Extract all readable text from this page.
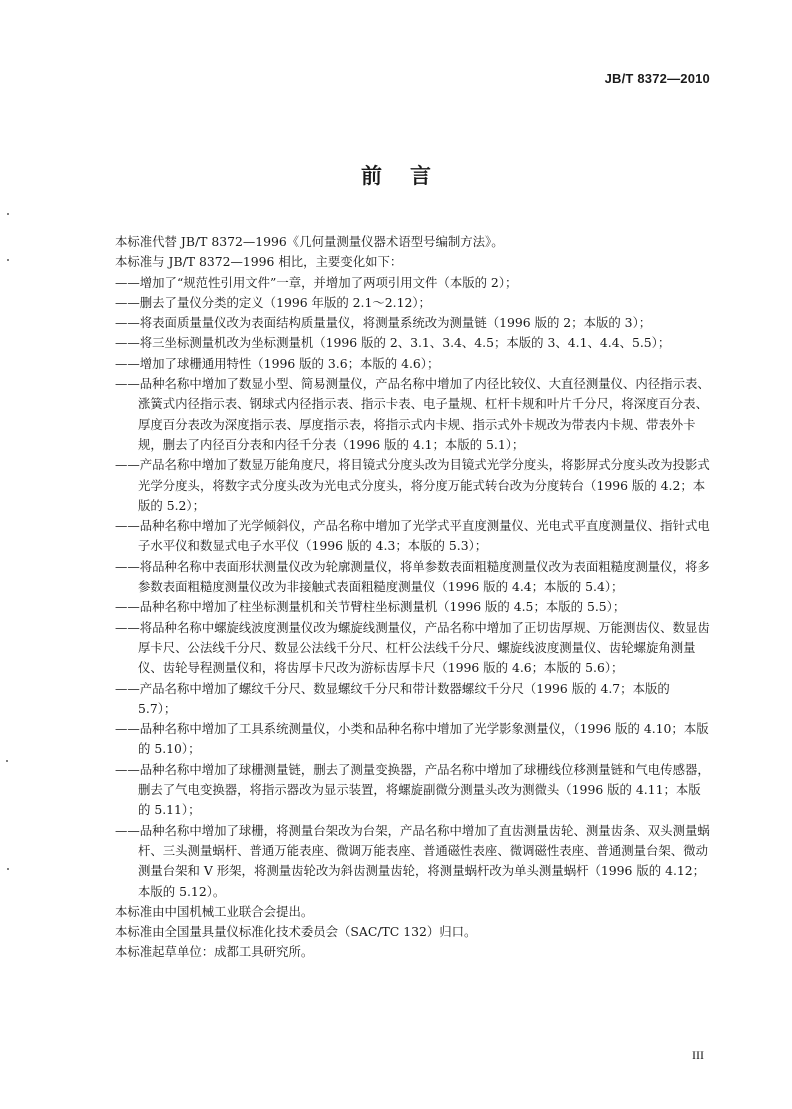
JB/T 8372—2010
前言

本标准代替 JB/T 8372—1996《几何量测量仪器术语型号编制方法》。

本标准与 JB/T 8372—1996 相比，主要变化如下：

——增加了“规范性引用文件”一章，并增加了两项引用文件（本版的 2）；

——删去了量仪分类的定义（1996 年版的 2.1～2.12）；

——将表面质量量仪改为表面结构质量量仪，将测量系统改为测量链（1996 版的 2；本版的 3）；

——将三坐标测量机改为坐标测量机（1996 版的 2、3.1、3.4、4.5；本版的 3、4.1、4.4、5.5）；

——增加了球栅通用特性（1996 版的 3.6；本版的 4.6）；

——品种名称中增加了数显小型、简易测量仪，产品名称中增加了内径比较仪、大直径测量仪、内径指示表、涨簧式内径指示表、钢球式内径指示表、指示卡表、电子量规、杠杆卡规和叶片千分尺，将深度百分表、厚度百分表改为深度指示表、厚度指示表，将指示式内卡规、指示式外卡规改为带表内卡规、带表外卡规，删去了内径百分表和内径千分表（1996 版的 4.1；本版的 5.1）；

——产品名称中增加了数显万能角度尺，将目镜式分度头改为目镜式光学分度头，将影屏式分度头改为投影式光学分度头，将数字式分度头改为光电式分度头，将分度万能式转台改为分度转台（1996 版的 4.2；本版的 5.2）；

——品种名称中增加了光学倾斜仪，产品名称中增加了光学式平直度测量仪、光电式平直度测量仪、指针式电子水平仪和数显式电子水平仪（1996 版的 4.3；本版的 5.3）；

——将品种名称中表面形状测量仪改为轮廓测量仪，将单参数表面粗糙度测量仪改为表面粗糙度测量仪，将多参数表面粗糙度测量仪改为非接触式表面粗糙度测量仪（1996 版的 4.4；本版的 5.4）；

——品种名称中增加了柱坐标测量机和关节臂柱坐标测量机（1996 版的 4.5；本版的 5.5）；

——将品种名称中螺旋线波度测量仪改为螺旋线测量仪，产品名称中增加了正切齿厚规、万能测齿仪、数显齿厚卡尺、公法线千分尺、数显公法线千分尺、杠杆公法线千分尺、螺旋线波度测量仪、齿轮螺旋角测量仪、齿轮导程测量仪和，将齿厚卡尺改为游标齿厚卡尺（1996 版的 4.6；本版的 5.6）；

——产品名称中增加了螺纹千分尺、数显螺纹千分尺和带计数器螺纹千分尺（1996 版的 4.7；本版的 5.7）；

——品种名称中增加了工具系统测量仪，小类和品种名称中增加了光学影象测量仪，（1996 版的 4.10；本版的 5.10）；

——品种名称中增加了球栅测量链，删去了测量变换器，产品名称中增加了球栅线位移测量链和气电传感器，删去了气电变换器，将指示器改为显示装置，将螺旋副微分测量头改为测微头（1996 版的 4.11；本版的 5.11）；

——品种名称中增加了球栅，将测量台架改为台架，产品名称中增加了直齿测量齿轮、测量齿条、双头测量蜗杆、三头测量蜗杆、普通万能表座、微调万能表座、普通磁性表座、微调磁性表座、普通测量台架、微动测量台架和 V 形架，将测量齿轮改为斜齿测量齿轮，将测量蜗杆改为单头测量蜗杆（1996 版的 4.12；本版的 5.12）。

本标准由中国机械工业联合会提出。

本标准由全国量具量仪标准化技术委员会（SAC/TC 132）归口。

本标准起草单位：成都工具研究所。

III
